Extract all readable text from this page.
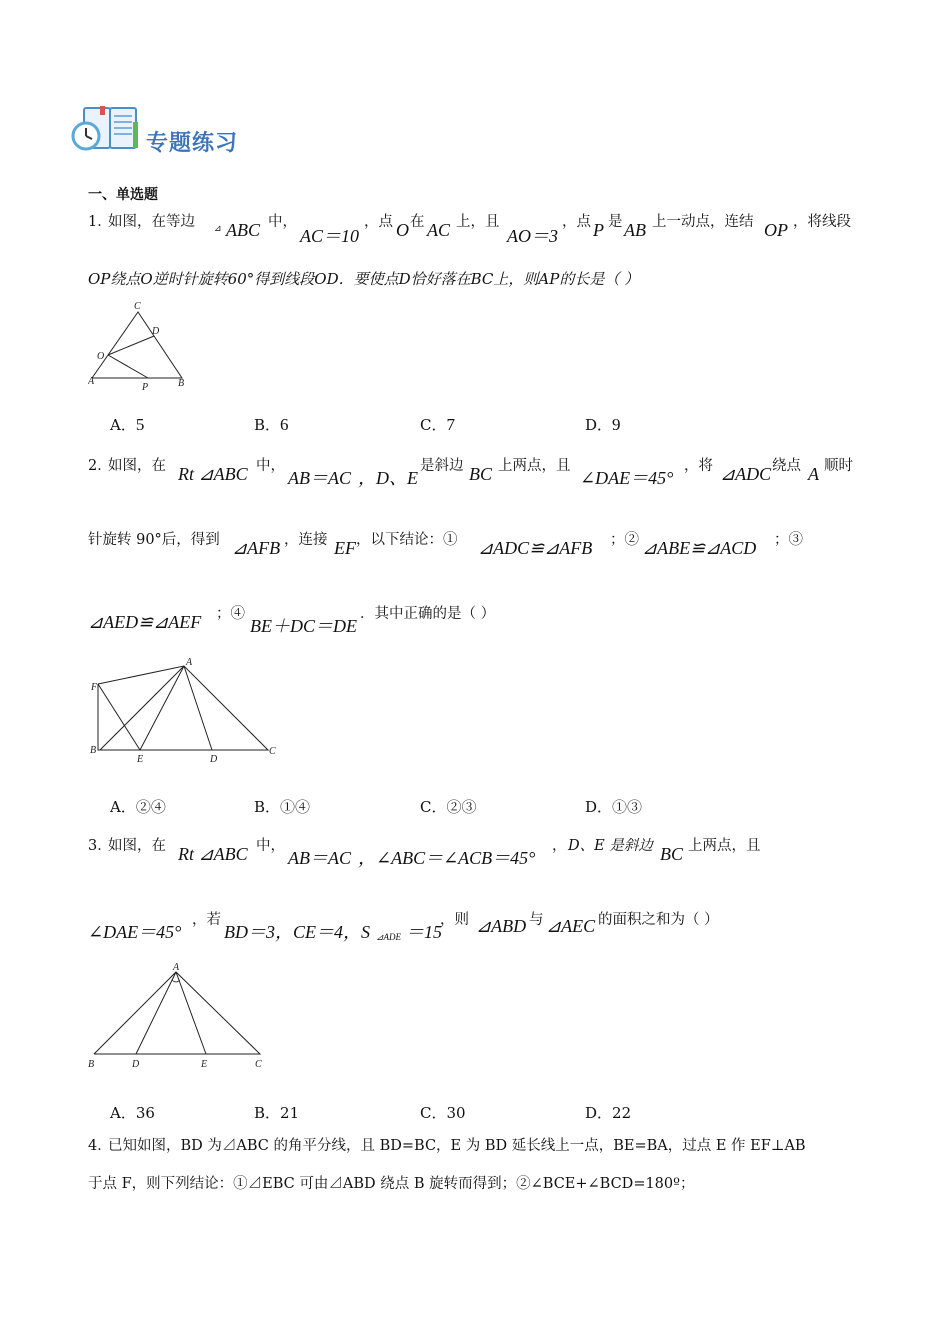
专题练习
一、单选题
1．
如图，在等边 ⊿ ABC 中，
AC＝10
，点 O 在 AC 上，且
AO＝3
，点 P 是 AB 上一动点，连结 OP ，将线段
OP绕点O逆时针旋转60°得到线段OD．要使点D恰好落在BC上，则AP的长是（ ）
C
D
O
A
P	B
A．5	B．6	C．7	D．9
2．
如图，在 Rt ⊿ABC 中，
AB＝AC ，D、E
是斜边 BC 上两点，且
∠DAE＝45°
，将 ⊿ADC 绕点 A 顺时
针旋转 90°后，得到 ⊿AFB ，连接 EF ，以下结论：① ⊿ADC≌⊿AFB ；② ⊿ABE≌⊿ACD ；③
⊿AED≌⊿AEF ；④
BE＋DC＝DE
．其中正确的是（ ）
A
F
B
E	D
C
A．②④	B．①④	C．②③	D．①③
3．
如图，在 Rt ⊿ABC 中，
AB＝AC ，∠ABC＝∠ACB＝45°
， D、E 是斜边 BC 上两点，且
∠DAE＝45°
，若
BD＝3，CE＝4，S ⊿ADE ＝15
，则 ⊿ABD 与 ⊿AEC 的面积之和为（ ）
A
B	D	E	C
A．36	B．21	C．30	D．22
4．
已知如图，BD 为⊿ABC 的角平分线，且 BD=BC，E 为 BD 延长线上一点，BE=BA，过点 E 作 EF⊥AB
于点 F，则下列结论：①⊿EBC 可由⊿ABD 绕点 B 旋转而得到；②∠BCE+∠BCD=180º；
